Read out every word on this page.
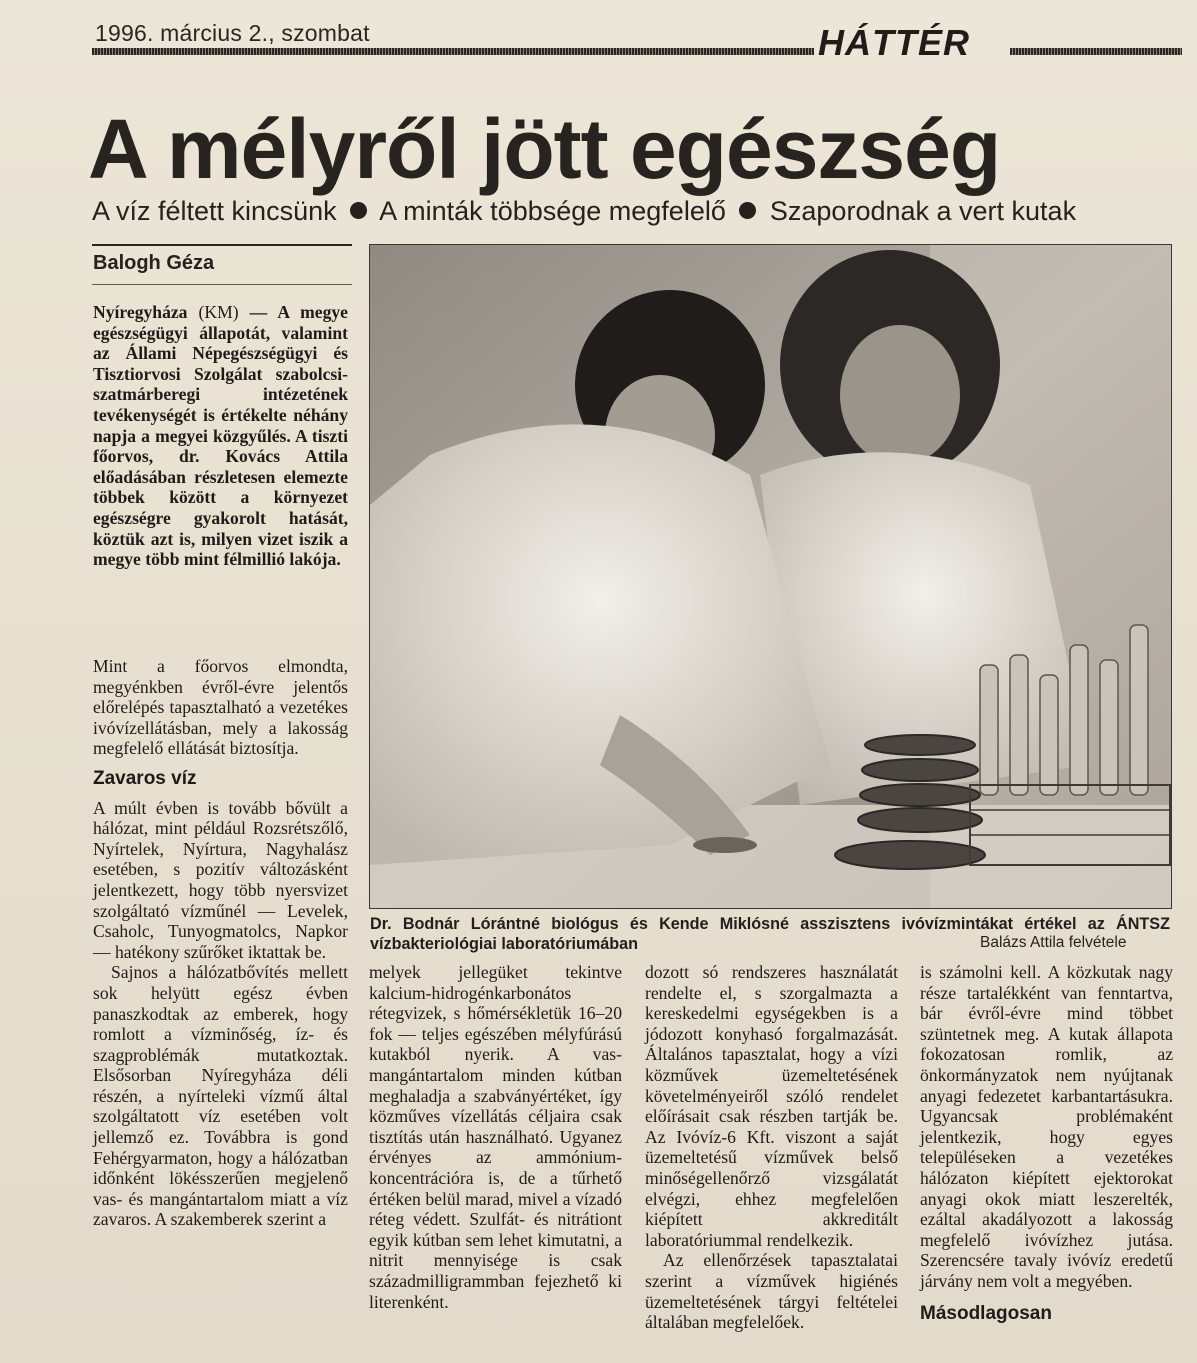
1996. március 2., szombat	HÁTTÉR
A mélyről jött egészség
A víz féltett kincsünk A minták többsége megfelelő Szaporodnak a vert kutak
Balogh Géza
Nyíregyháza (KM) — A megye egészségügyi állapotát, valamint az Állami Népegészségügyi és Tisztiorvosi Szolgálat szabolcsi-szatmárberegi intézetének tevékenységét is értékelte néhány napja a megyei közgyűlés. A tiszti főorvos, dr. Kovács Attila előadásában részletesen elemezte többek között a környezet egészségre gyakorolt hatását, köztük azt is, milyen vizet iszik a megye több mint félmillió lakója.

Mint a főorvos elmondta, megyénkben évről-évre jelentős előrelépés tapasztalható a vezetékes ivóvízellátásban, mely a lakosság megfelelő ellátását biztosítja.

Zavaros víz

A múlt évben is tovább bővült a hálózat, mint például Rozsrétszőlő, Nyírtelek, Nyírtura, Nagyhalász esetében, s pozitív változásként jelentkezett, hogy több nyersvizet szolgáltató vízműnél — Levelek, Csaholc, Tunyogmatolcs, Napkor — hatékony szűrőket iktattak be.

Sajnos a hálózatbővítés mellett sok helyütt egész évben panaszkodtak az emberek, hogy romlott a vízminőség, íz- és szagproblémák mutatkoztak. Elsősorban Nyíregyháza déli részén, a nyírteleki vízmű által szolgáltatott víz esetében volt jellemző ez. Továbbra is gond Fehérgyarmaton, hogy a hálózatban időnként lökésszerűen megjelenő vas- és mangántartalom miatt a víz zavaros. A szakemberek szerint a

Dr. Bodnár Lórántné biológus és Kende Miklósné asszisztens ivóvízmintákat értékel az ÁNTSZ vízbakteriológiai laboratóriumában	Balázs Attila felvétele

melyek jellegüket tekintve kalcium-hidrogénkarbonátos rétegvizek, s hőmérsékletük 16–20 fok — teljes egészében mélyfúrású kutakból nyerik. A vas-mangántartalom minden kútban meghaladja a szabványértéket, így közműves vízellátás céljaira csak tisztítás után használható. Ugyanez érvényes az ammónium-koncentrációra is, de a tűrhető értéken belül marad, mivel a vízadó réteg védett. Szulfát- és nitrátiont egyik kútban sem lehet kimutatni, a nitrit mennyisége is csak századmilligrammban fejezhető ki literenként.

dozott só rendszeres használatát rendelte el, s szorgalmazta a kereskedelmi egységekben is a jódozott konyhasó forgalmazását. Általános tapasztalat, hogy a vízi közművek üzemeltetésének követelményeiről szóló rendelet előírásait csak részben tartják be. Az Ivóvíz-6 Kft. viszont a saját üzemeltetésű vízművek belső minőségellenőrző vizsgálatát elvégzi, ehhez megfelelően kiépített akkreditált laboratóriummal rendelkezik.

Az ellenőrzések tapasztalatai szerint a vízművek higiénés üzemeltetésének tárgyi feltételei általában megfelelőek.

is számolni kell. A közkutak nagy része tartalékként van fenntartva, bár évről-évre mind többet szüntetnek meg. A kutak állapota fokozatosan romlik, az önkormányzatok nem nyújtanak anyagi fedezetet karbantartásukra. Ugyancsak problémaként jelentkezik, hogy egyes településeken a vezetékes hálózaton kiépített ejektorokat anyagi okok miatt leszerelték, ezáltal akadályozott a lakosság megfelelő ivóvízhez jutása. Szerencsére tavaly ivóvíz eredetű járvány nem volt a megyében.

Másodlagosan
